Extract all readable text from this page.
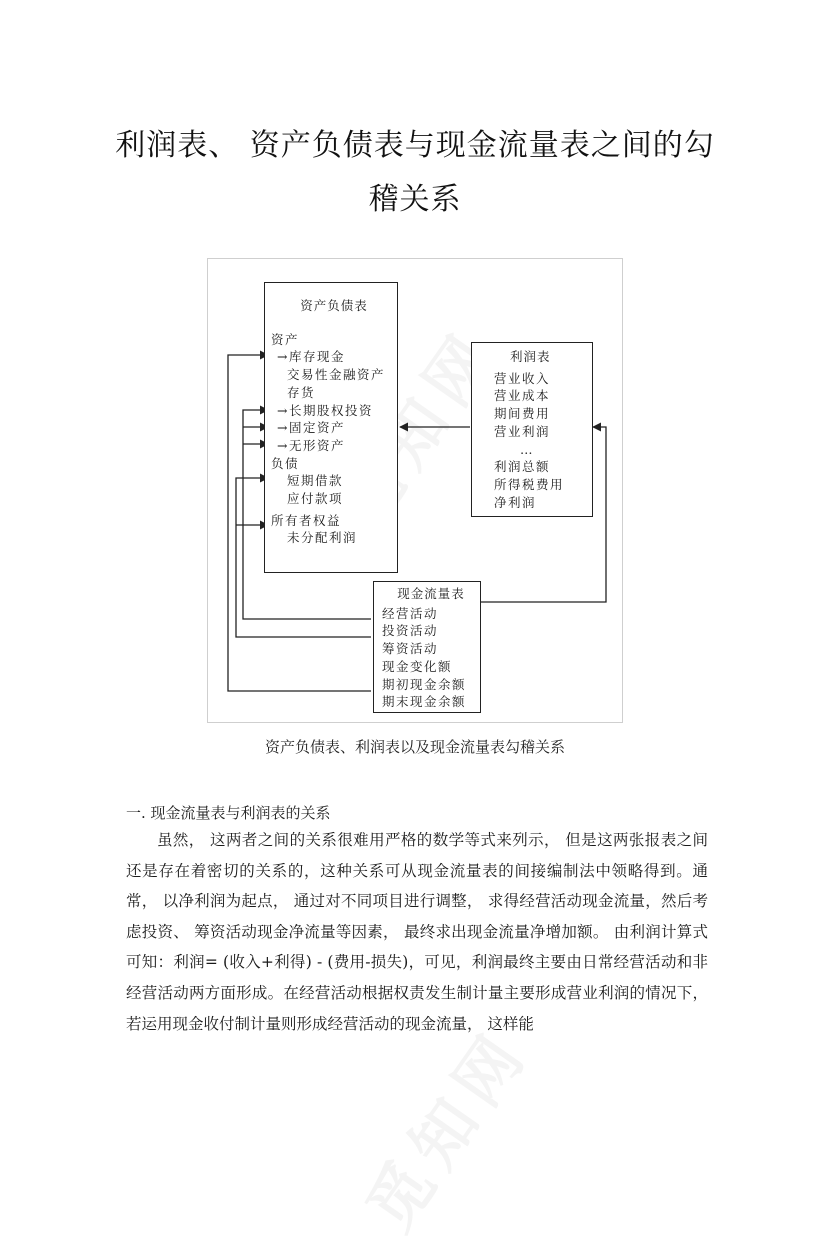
利润表、 资产负债表与现金流量表之间的勾
稽关系
资产负债表
资产
→库存现金
交易性金融资产
存货
→长期股权投资
→固定资产
→无形资产
负债
短期借款
应付款项
所有者权益
未分配利润
利润表
营业收入
营业成本
期间费用
营业利润
…
利润总额
所得税费用
净利润
现金流量表
经营活动
投资活动
筹资活动
现金变化额
期初现金余额
期末现金余额
资产负债表、利润表以及现金流量表勾稽关系
一. 现金流量表与利润表的关系
虽然， 这两者之间的关系很难用严格的数学等式来列示， 但是这两张报表之间还是存在着密切的关系的，这种关系可从现金流量表的间接编制法中领略得到。通常， 以净利润为起点， 通过对不同项目进行调整， 求得经营活动现金流量，然后考虑投资、 筹资活动现金净流量等因素， 最终求出现金流量净增加额。 由利润计算式可知：利润= (收入+利得) - (费用-损失)，可见，利润最终主要由日常经营活动和非经营活动两方面形成。在经营活动根据权责发生制计量主要形成营业利润的情况下，若运用现金收付制计量则形成经营活动的现金流量， 这样能
